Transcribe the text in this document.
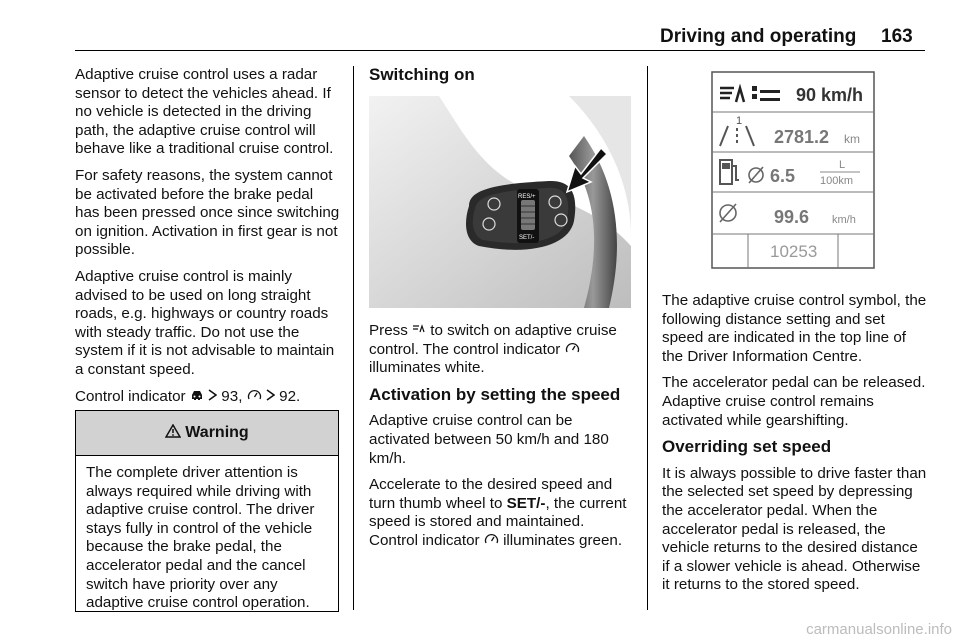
Driving and operating 163

Adaptive cruise control uses a radar sensor to detect the vehicles ahead. If no vehicle is detected in the driving path, the adaptive cruise control will behave like a traditional cruise control.

For safety reasons, the system cannot be activated before the brake pedal has been pressed once since switching on ignition. Activation in first gear is not possible.

Adaptive cruise control is mainly advised to be used on long straight roads, e.g. highways or country roads with steady traffic. Do not use the system if it is not advisable to maintain a constant speed.

Control indicator 93, 92.

Warning
The complete driver attention is always required while driving with adaptive cruise control. The driver stays fully in control of the vehicle because the brake pedal, the accelerator pedal and the cancel switch have priority over any adaptive cruise control operation.

Switching on

RES/+
SET/-

Press to switch on adaptive cruise control. The control indicator  illuminates white.

Activation by setting the speed

Adaptive cruise control can be activated between 50 km/h and 180 km/h.

Accelerate to the desired speed and turn thumb wheel to SET/-, the current speed is stored and maintained. Control indicator illuminates green.

90 km/h
1
2781.2 km
6.5
L
100km
99.6 km/h
10253

The adaptive cruise control symbol, the following distance setting and set speed are indicated in the top line of the Driver Information Centre.

The accelerator pedal can be released. Adaptive cruise control remains activated while gearshifting.

Overriding set speed

It is always possible to drive faster than the selected set speed by depressing the accelerator pedal. When the accelerator pedal is released, the vehicle returns to the desired distance if a slower vehicle is ahead. Otherwise it returns to the stored speed.

carmanualsonline.info
